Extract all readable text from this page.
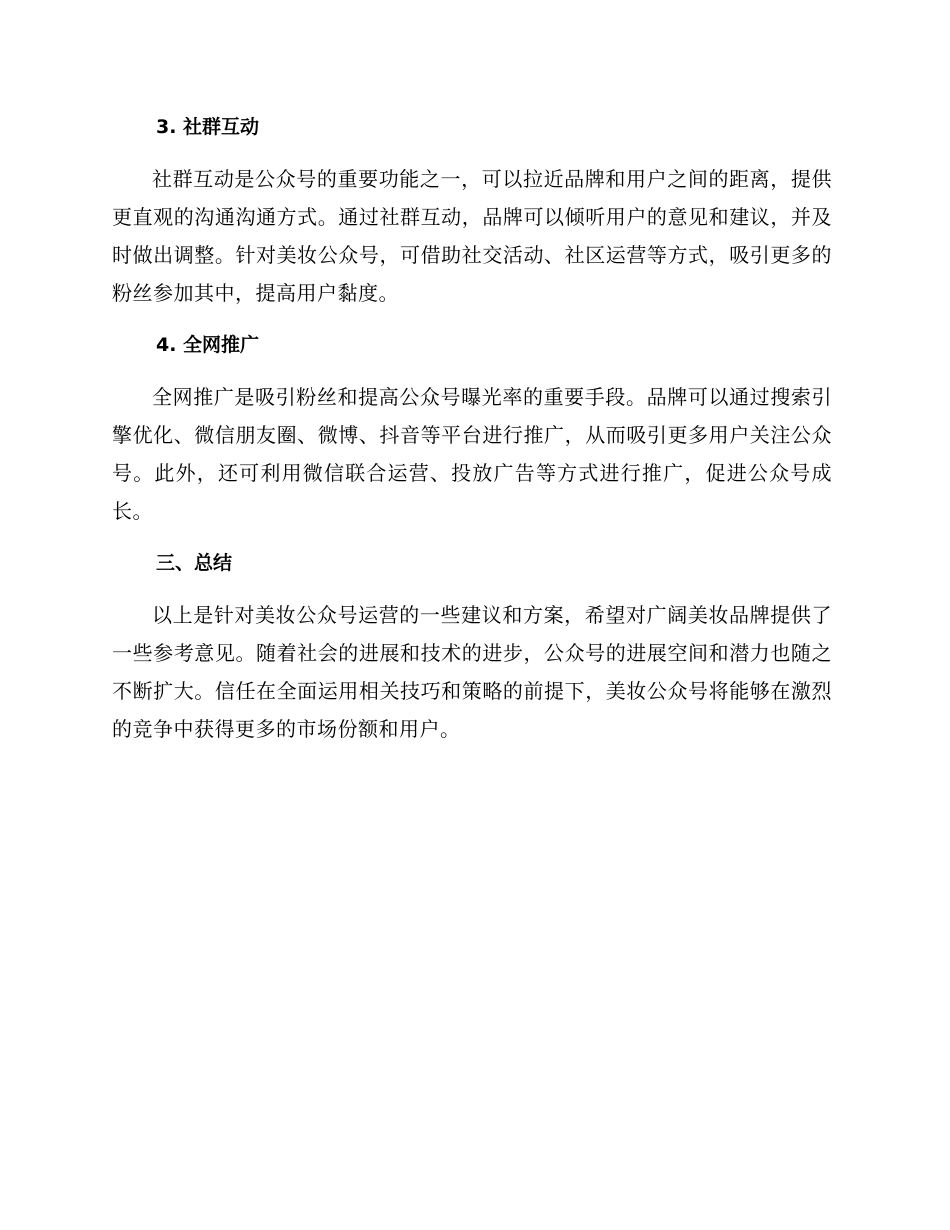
3. 社群互动

社群互动是公众号的重要功能之一，可以拉近品牌和用户之间的距离，提供更直观的沟通沟通方式。通过社群互动，品牌可以倾听用户的意见和建议，并及时做出调整。针对美妆公众号，可借助社交活动、社区运营等方式，吸引更多的粉丝参加其中，提高用户黏度。

4. 全网推广

全网推广是吸引粉丝和提高公众号曝光率的重要手段。品牌可以通过搜索引擎优化、微信朋友圈、微博、抖音等平台进行推广，从而吸引更多用户关注公众号。此外，还可利用微信联合运营、投放广告等方式进行推广，促进公众号成长。

三、总结

以上是针对美妆公众号运营的一些建议和方案，希望对广阔美妆品牌提供了一些参考意见。随着社会的进展和技术的进步，公众号的进展空间和潜力也随之不断扩大。信任在全面运用相关技巧和策略的前提下，美妆公众号将能够在激烈的竞争中获得更多的市场份额和用户。
